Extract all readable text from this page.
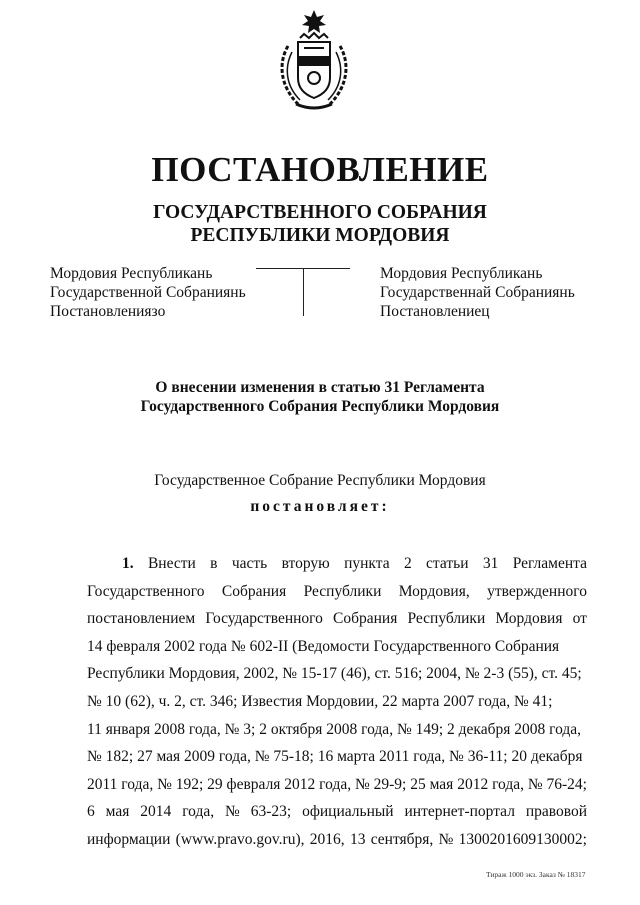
ПОСТАНОВЛЕНИЕ
ГОСУДАРСТВЕННОГО СОБРАНИЯ
РЕСПУБЛИКИ МОРДОВИЯ
Мордовия Республикань
Государственной Собраниянь
Постановлениязо
Мордовия Республикань
Государственнай Собраниянь
Постановлениец
О внесении изменения в статью 31 Регламента
Государственного Собрания Республики Мордовия
Государственное Собрание Республики Мордовия
постановляет:
1. Внести в часть вторую пункта 2 статьи 31 Регламента
Государственного Собрания Республики Мордовия, утвержденного
постановлением Государственного Собрания Республики Мордовия от
14 февраля 2002 года № 602-II (Ведомости Государственного Собрания
Республики Мордовия, 2002, № 15-17 (46), ст. 516; 2004, № 2-3 (55), ст. 45;
№ 10 (62), ч. 2, ст. 346; Известия Мордовии, 22 марта 2007 года, № 41;
11 января 2008 года, № 3; 2 октября 2008 года, № 149; 2 декабря 2008 года,
№ 182; 27 мая 2009 года, № 75-18; 16 марта 2011 года, № 36-11; 20 декабря
2011 года, № 192; 29 февраля 2012 года, № 29-9; 25 мая 2012 года, № 76-24;
6 мая 2014 года, № 63-23; официальный интернет-портал правовой
информации (www.pravo.gov.ru), 2016, 13 сентября, № 1300201609130002;
Тираж 1000 экз. Заказ № 18317
